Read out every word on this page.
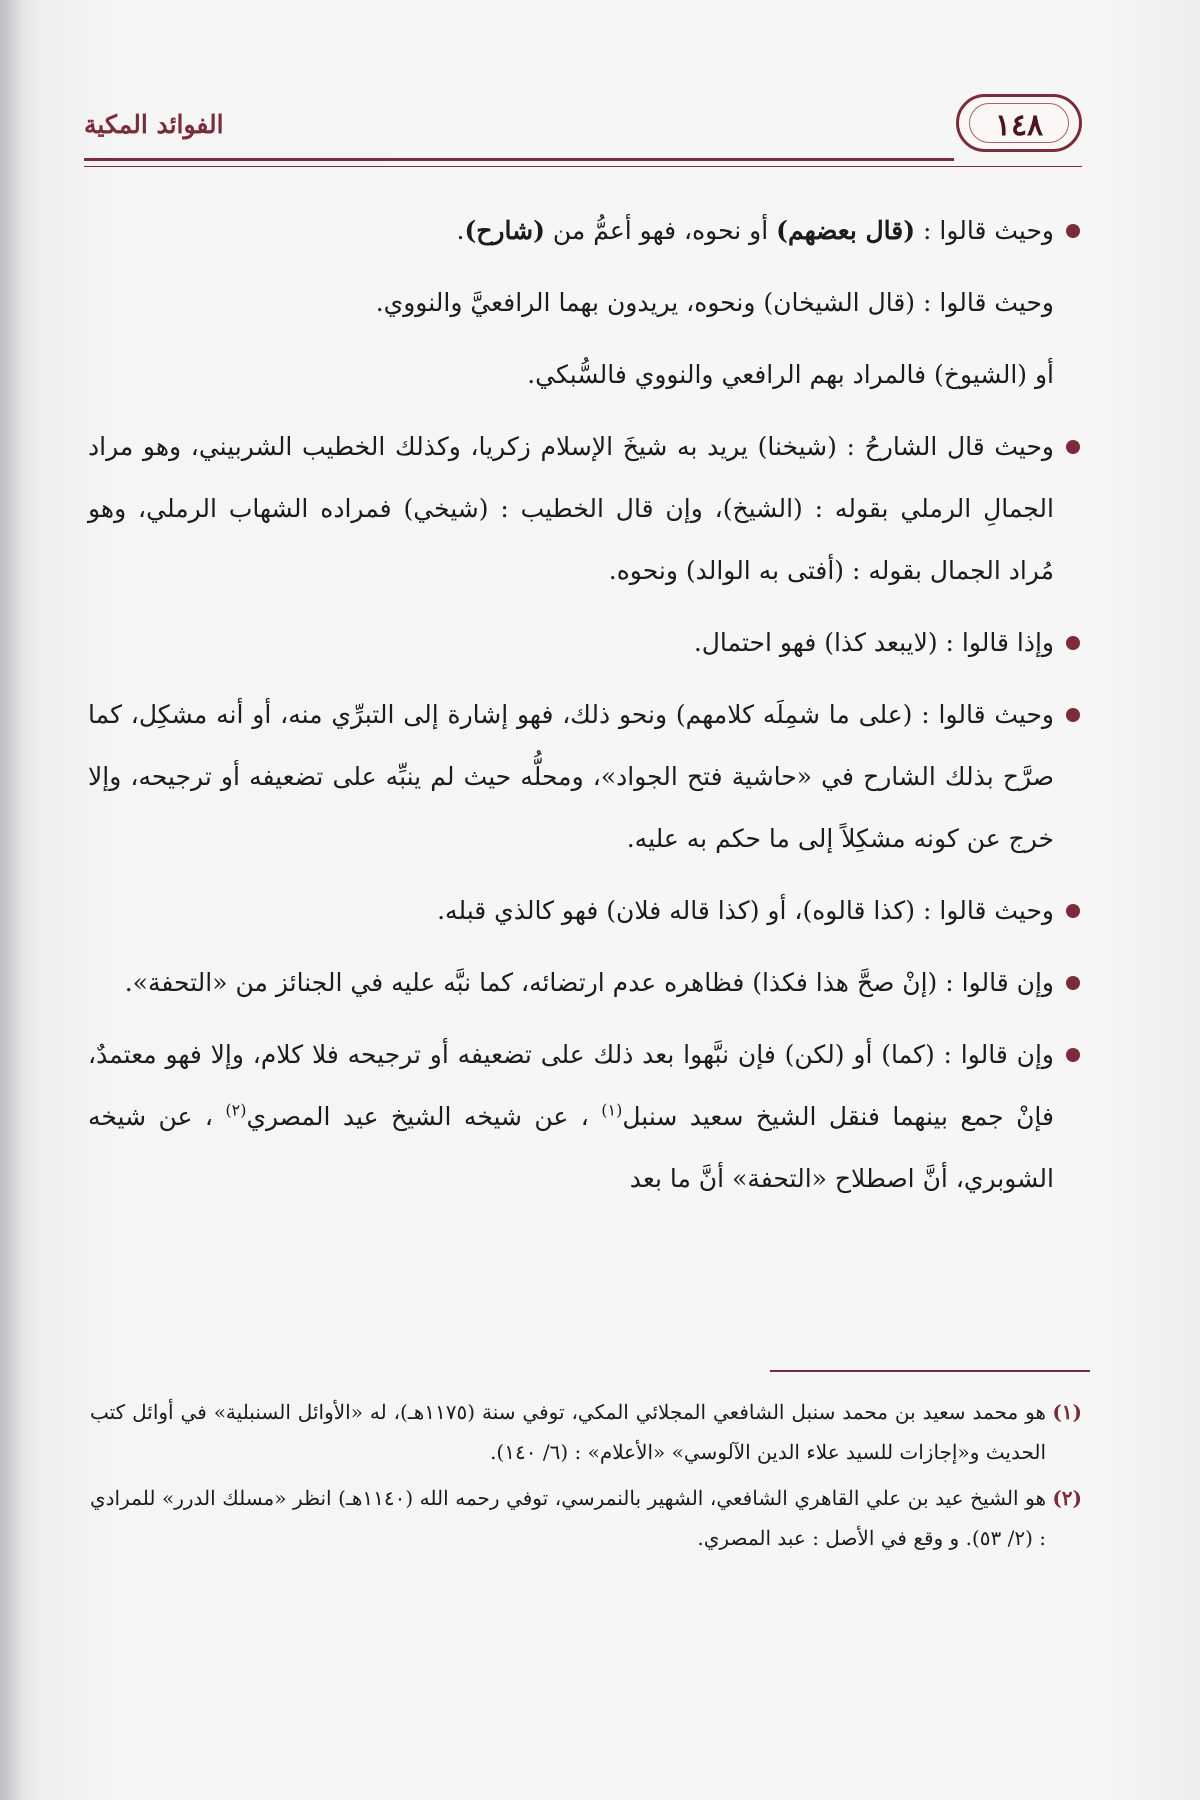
١٤٨
الفوائد المكية

وحيث قالوا : (قال بعضهم) أو نحوه، فهو أعمُّ من (شارح).

وحيث قالوا : (قال الشيخان) ونحوه، يريدون بهما الرافعيَّ والنووي.

أو (الشيوخ) فالمراد بهم الرافعي والنووي فالسُّبكي.

وحيث قال الشارحُ : (شيخنا) يريد به شيخَ الإسلام زكريا، وكذلك الخطيب الشربيني، وهو مراد الجمالِ الرملي بقوله : (الشيخ)، وإن قال الخطيب : (شيخي) فمراده الشهاب الرملي، وهو مُراد الجمال بقوله : (أفتى به الوالد) ونحوه.

وإذا قالوا : (لايبعد كذا) فهو احتمال.

وحيث قالوا : (على ما شمِلَه كلامهم) ونحو ذلك، فهو إشارة إلى التبرِّي منه، أو أنه مشكِل، كما صرَّح بذلك الشارح في «حاشية فتح الجواد»، ومحلُّه حيث لم ينبِّه على تضعيفه أو ترجيحه، وإلا خرج عن كونه مشكِلاً إلى ما حكم به عليه.

وحيث قالوا : (كذا قالوه)، أو (كذا قاله فلان) فهو كالذي قبله.

وإن قالوا : (إنْ صحَّ هذا فكذا) فظاهره عدم ارتضائه، كما نبَّه عليه في الجنائز من «التحفة».

وإن قالوا : (كما) أو (لكن) فإن نبَّهوا بعد ذلك على تضعيفه أو ترجيحه فلا كلام، وإلا فهو معتمدٌ، فإنْ جمع بينهما فنقل الشيخ سعيد سنبل$^{(١)}$ ، عن شيخه الشيخ عيد المصري$^{(٢)}$ ، عن شيخه الشوبري، أنَّ اصطلاح «التحفة» أنَّ ما بعد

(١)
هو محمد سعيد بن محمد سنبل الشافعي المجلائي المكي، توفي سنة (١١٧٥هـ)، له «الأوائل السنبلية» في أوائل كتب الحديث و«إجازات للسيد علاء الدين الآلوسي» «الأعلام» : (٦/ ١٤٠).

(٢)
هو الشيخ عيد بن علي القاهري الشافعي، الشهير بالنمرسي، توفي رحمه الله (١١٤٠هـ) انظر «مسلك الدرر» للمرادي : (٢/ ٥٣). و وقع في الأصل : عبد المصري.
